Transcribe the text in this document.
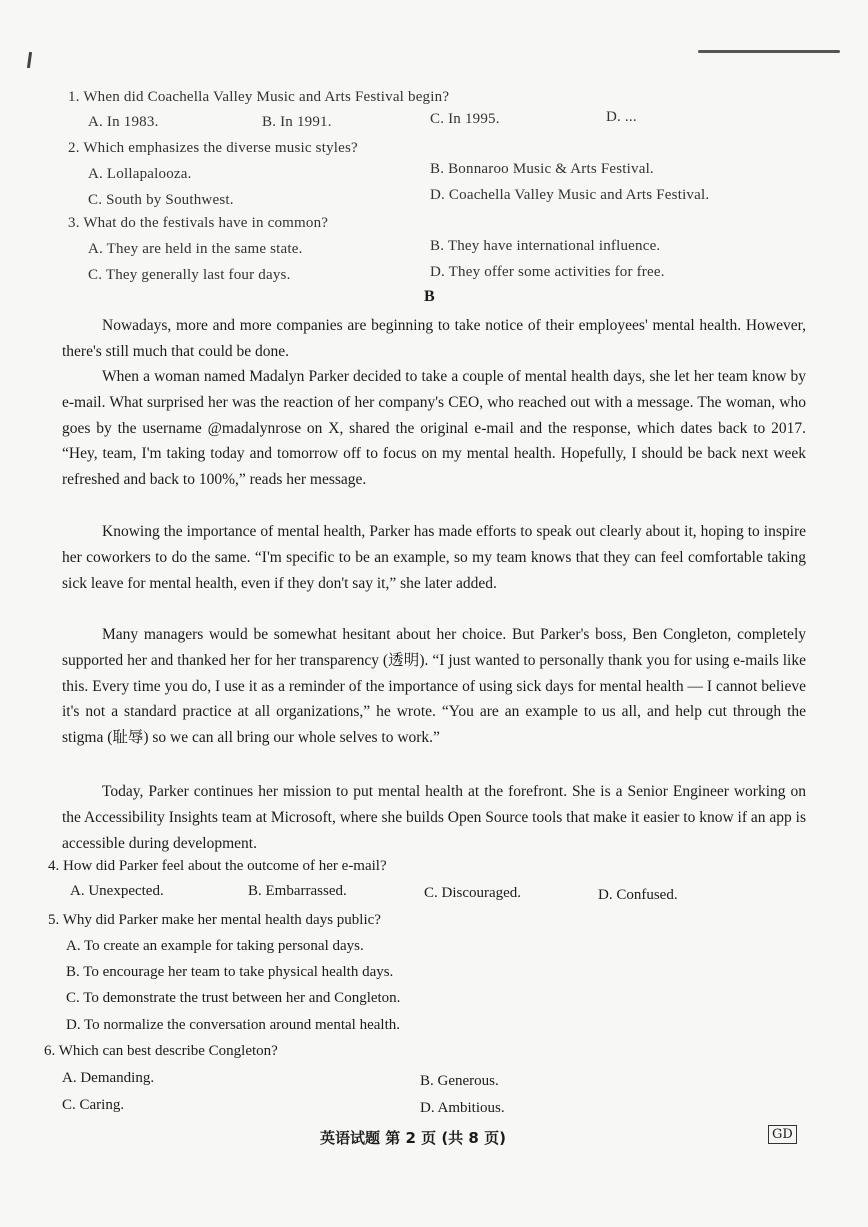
1. When did Coachella Valley Music and Arts Festival begin?
A. In 1983.	B. In 1991.	C. In 1995.	D. ...
2. Which emphasizes the diverse music styles?
A. Lollapalooza.	B. Bonnaroo Music & Arts Festival.
C. South by Southwest.	D. Coachella Valley Music and Arts Festival.
3. What do the festivals have in common?
A. They are held in the same state.	B. They have international influence.
C. They generally last four days.	D. They offer some activities for free.
B

Nowadays, more and more companies are beginning to take notice of their employees' mental health. However, there's still much that could be done.

When a woman named Madalyn Parker decided to take a couple of mental health days, she let her team know by e-mail. What surprised her was the reaction of her company's CEO, who reached out with a message. The woman, who goes by the username @madalynrose on X, shared the original e-mail and the response, which dates back to 2017. “Hey, team, I'm taking today and tomorrow off to focus on my mental health. Hopefully, I should be back next week refreshed and back to 100%,” reads her message.

Knowing the importance of mental health, Parker has made efforts to speak out clearly about it, hoping to inspire her coworkers to do the same. “I'm specific to be an example, so my team knows that they can feel comfortable taking sick leave for mental health, even if they don't say it,” she later added.

Many managers would be somewhat hesitant about her choice. But Parker's boss, Ben Congleton, completely supported her and thanked her for her transparency (透明). “I just wanted to personally thank you for using e-mails like this. Every time you do, I use it as a reminder of the importance of using sick days for mental health — I cannot believe it's not a standard practice at all organizations,” he wrote. “You are an example to us all, and help cut through the stigma (耻辱) so we can all bring our whole selves to work.”

Today, Parker continues her mission to put mental health at the forefront. She is a Senior Engineer working on the Accessibility Insights team at Microsoft, where she builds Open Source tools that make it easier to know if an app is accessible during development.

4. How did Parker feel about the outcome of her e-mail?
A. Unexpected.	B. Embarrassed.	C. Discouraged.	D. Confused.
5. Why did Parker make her mental health days public?
A. To create an example for taking personal days.
B. To encourage her team to take physical health days.
C. To demonstrate the trust between her and Congleton.
D. To normalize the conversation around mental health.
6. Which can best describe Congleton?
A. Demanding.	B. Generous.
C. Caring.	D. Ambitious.
英语试题 第 2 页 (共 8 页)	GD
